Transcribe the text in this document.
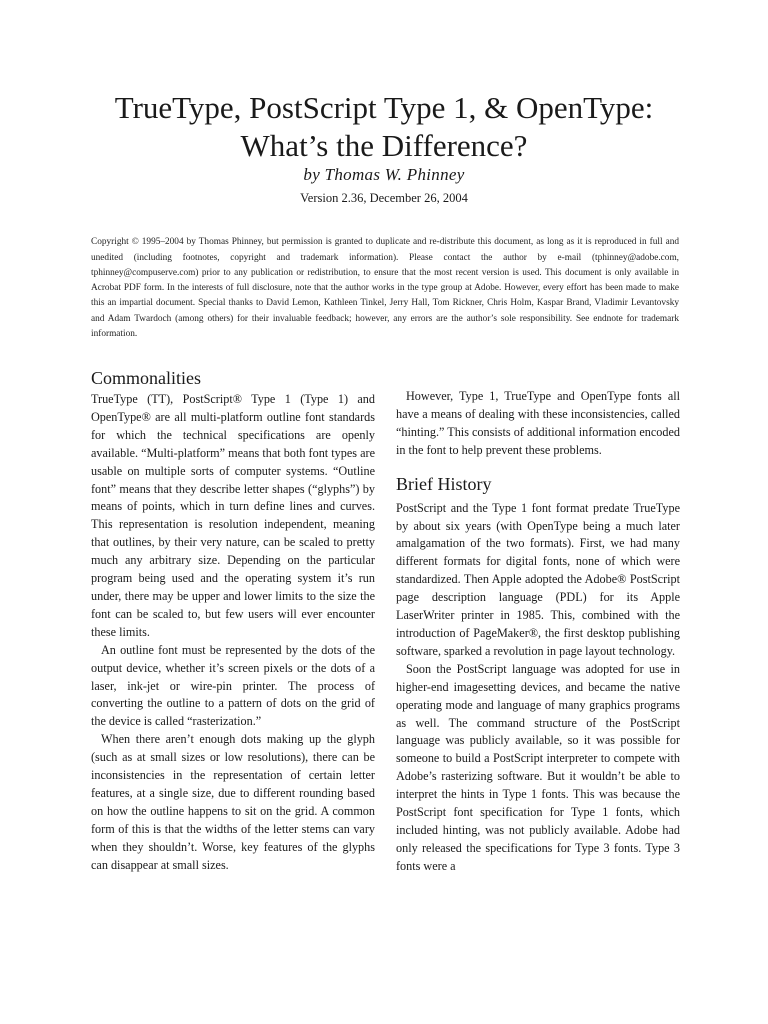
TrueType, PostScript Type 1, & OpenType:
What’s the Difference?
by Thomas W. Phinney
Version 2.36, December 26, 2004

Copyright © 1995–2004 by Thomas Phinney, but permission is granted to duplicate and re-distribute this document, as long as it is reproduced in full and unedited (including footnotes, copyright and trademark information). Please contact the author by e-mail (tphinney@adobe.com, tphinney@compuserve.com) prior to any publication or redistribution, to ensure that the most recent version is used. This document is only available in Acrobat PDF form. In the interests of full disclosure, note that the author works in the type group at Adobe. However, every effort has been made to make this an impartial document. Special thanks to David Lemon, Kathleen Tinkel, Jerry Hall, Tom Rickner, Chris Holm, Kaspar Brand, Vladimir Levantovsky and Adam Twardoch (among others) for their invaluable feedback; however, any errors are the author’s sole responsibility. See endnote for trademark information.

Commonalities

TrueType (TT), PostScript® Type 1 (Type 1) and OpenType® are all multi-platform outline font standards for which the technical specifications are openly available. “Multi-platform” means that both font types are usable on multiple sorts of computer systems. “Outline font” means that they describe letter shapes (“glyphs”) by means of points, which in turn define lines and curves. This representation is resolution independent, meaning that outlines, by their very nature, can be scaled to pretty much any arbitrary size. Depending on the particular program being used and the operating system it’s run under, there may be upper and lower limits to the size the font can be scaled to, but few users will ever encounter these limits.

An outline font must be represented by the dots of the output device, whether it’s screen pixels or the dots of a laser, ink-jet or wire-pin printer. The process of converting the outline to a pattern of dots on the grid of the device is called “rasterization.”

When there aren’t enough dots making up the glyph (such as at small sizes or low resolutions), there can be inconsistencies in the representation of certain letter features, at a single size, due to different rounding based on how the outline happens to sit on the grid. A common form of this is that the widths of the letter stems can vary when they shouldn’t. Worse, key features of the glyphs can disappear at small sizes.

However, Type 1, TrueType and OpenType fonts all have a means of dealing with these inconsistencies, called “hinting.” This consists of additional information encoded in the font to help prevent these problems.

Brief History

PostScript and the Type 1 font format predate TrueType by about six years (with OpenType being a much later amalgamation of the two formats). First, we had many different formats for digital fonts, none of which were standardized. Then Apple adopted the Adobe® PostScript page description language (PDL) for its Apple LaserWriter printer in 1985. This, combined with the introduction of PageMaker®, the first desktop publishing software, sparked a revolution in page layout technology.

Soon the PostScript language was adopted for use in higher-end imagesetting devices, and became the native operating mode and language of many graphics programs as well. The command structure of the PostScript language was publicly available, so it was possible for someone to build a PostScript interpreter to compete with Adobe’s rasterizing software. But it wouldn’t be able to interpret the hints in Type 1 fonts. This was because the PostScript font specification for Type 1 fonts, which included hinting, was not publicly available. Adobe had only released the specifications for Type 3 fonts. Type 3 fonts were a
